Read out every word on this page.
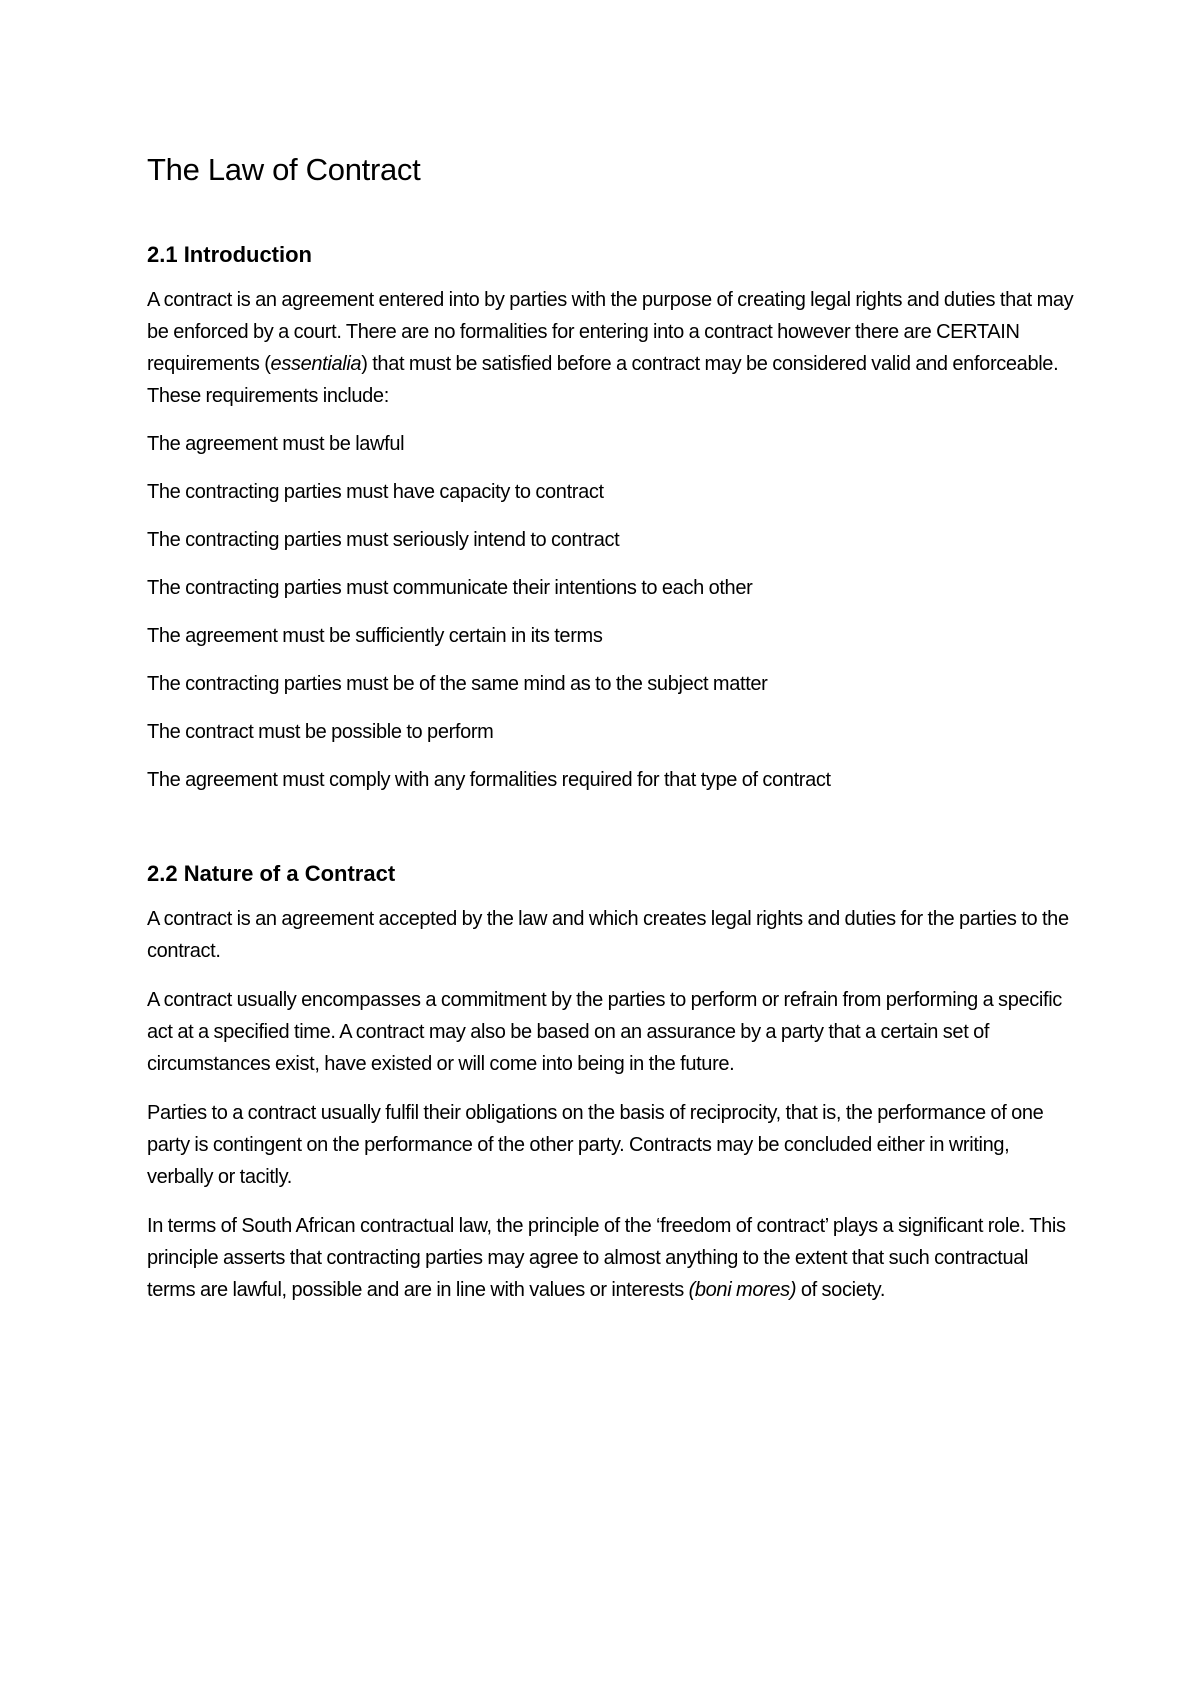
The Law of Contract
2.1 Introduction

A contract is an agreement entered into by parties with the purpose of creating legal rights and duties that may be enforced by a court. There are no formalities for entering into a contract however there are CERTAIN requirements (essentialia) that must be satisfied before a contract may be considered valid and enforceable. These requirements include:

The agreement must be lawful
The contracting parties must have capacity to contract
The contracting parties must seriously intend to contract
The contracting parties must communicate their intentions to each other
The agreement must be sufficiently certain in its terms
The contracting parties must be of the same mind as to the subject matter
The contract must be possible to perform
The agreement must comply with any formalities required for that type of contract
2.2 Nature of a Contract

A contract is an agreement accepted by the law and which creates legal rights and duties for the parties to the contract.

A contract usually encompasses a commitment by the parties to perform or refrain from performing a specific act at a specified time. A contract may also be based on an assurance by a party that a certain set of circumstances exist, have existed or will come into being in the future.

Parties to a contract usually fulfil their obligations on the basis of reciprocity, that is, the performance of one party is contingent on the performance of the other party. Contracts may be concluded either in writing, verbally or tacitly.

In terms of South African contractual law, the principle of the ‘freedom of contract’ plays a significant role. This principle asserts that contracting parties may agree to almost anything to the extent that such contractual terms are lawful, possible and are in line with values or interests (boni mores) of society.
